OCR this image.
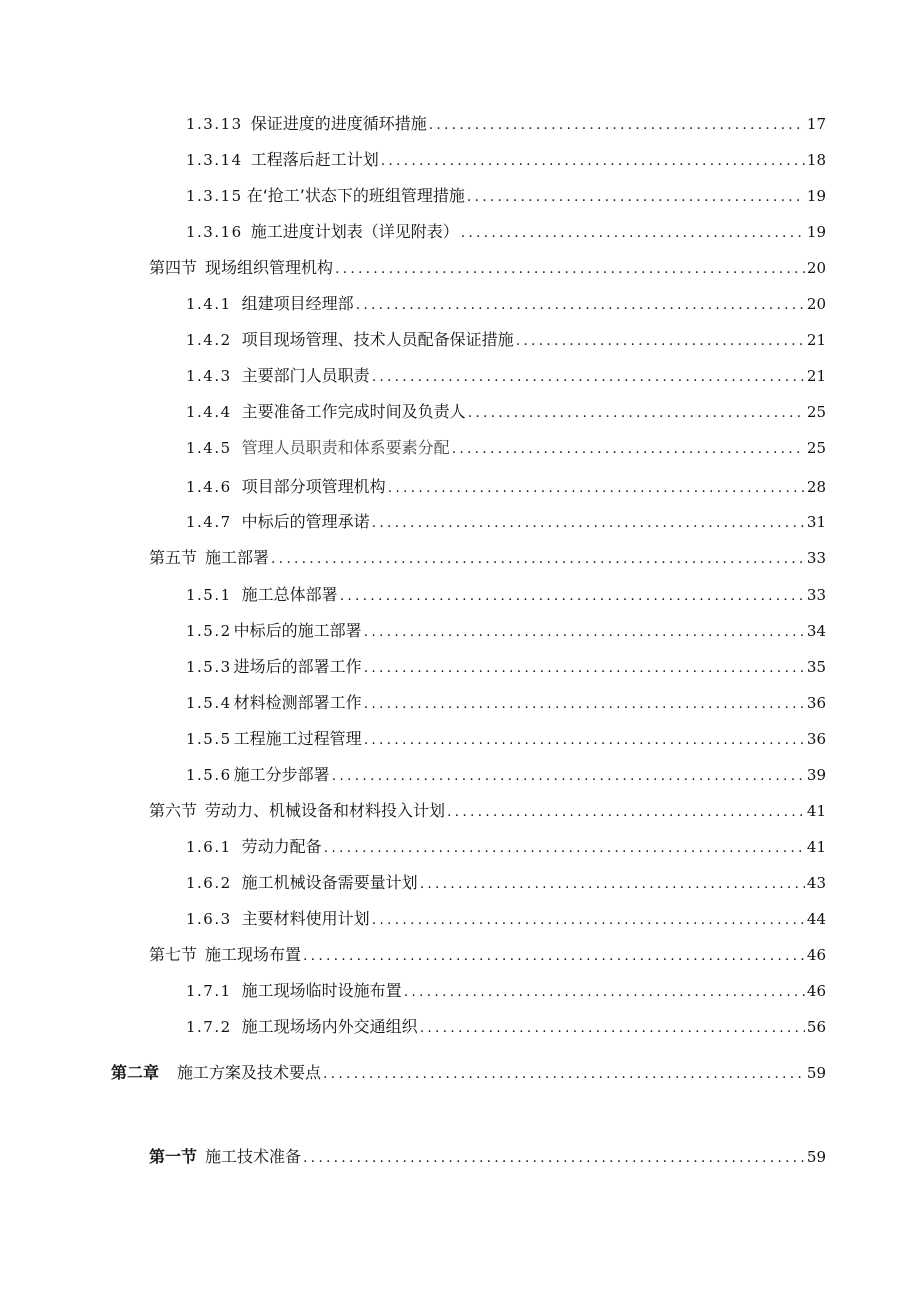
1.3.13 保证进度的进度循环措施 .....	17
1.3.14 工程落后赶工计划 .....	18
1.3.15 在‘抢工’状态下的班组管理措施 .....	19
1.3.16 施工进度计划表（详见附表） .....	19
第四节 现场组织管理机构 .....	20
1.4.1 组建项目经理部 .....	20
1.4.2 项目现场管理、技术人员配备保证措施 .....	21
1.4.3 主要部门人员职责 .....	21
1.4.4 主要准备工作完成时间及负责人 .....	25
1.4.5 管理人员职责和体系要素分配 .....	25
1.4.6 项目部分项管理机构 .....	28
1.4.7 中标后的管理承诺 .....	31
第五节 施工部署 .....	33
1.5.1 施工总体部署 .....	33
1.5.2 中标后的施工部署 .....	34
1.5.3 进场后的部署工作 .....	35
1.5.4 材料检测部署工作 .....	36
1.5.5 工程施工过程管理 .....	36
1.5.6 施工分步部署 .....	39
第六节 劳动力、机械设备和材料投入计划 .....	41
1.6.1 劳动力配备 .....	41
1.6.2 施工机械设备需要量计划 .....	43
1.6.3 主要材料使用计划 .....	44
第七节 施工现场布置 .....	46
1.7.1 施工现场临时设施布置 .....	46
1.7.2 施工现场场内外交通组织 .....	56
第二章 施工方案及技术要点 .....	59
第一节 施工技术准备 .....	59
